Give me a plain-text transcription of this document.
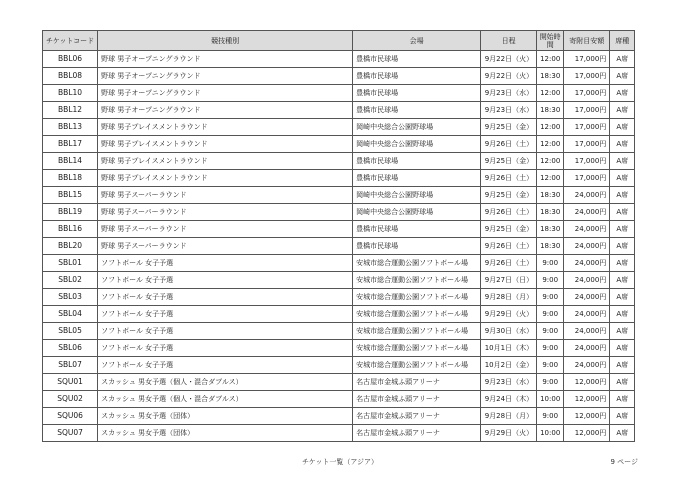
チケットコード	競技種別	会場	日程	開始時間	寄附目安額	席種
BBL06	野球 男子オープニングラウンド	豊橋市民球場	9月22日（火）	12:00	17,000円	A席
BBL08	野球 男子オープニングラウンド	豊橋市民球場	9月22日（火）	18:30	17,000円	A席
BBL10	野球 男子オープニングラウンド	豊橋市民球場	9月23日（水）	12:00	17,000円	A席
BBL12	野球 男子オープニングラウンド	豊橋市民球場	9月23日（水）	18:30	17,000円	A席
BBL13	野球 男子プレイスメントラウンド	岡崎中央総合公園野球場	9月25日（金）	12:00	17,000円	A席
BBL17	野球 男子プレイスメントラウンド	岡崎中央総合公園野球場	9月26日（土）	12:00	17,000円	A席
BBL14	野球 男子プレイスメントラウンド	豊橋市民球場	9月25日（金）	12:00	17,000円	A席
BBL18	野球 男子プレイスメントラウンド	豊橋市民球場	9月26日（土）	12:00	17,000円	A席
BBL15	野球 男子スーパーラウンド	岡崎中央総合公園野球場	9月25日（金）	18:30	24,000円	A席
BBL19	野球 男子スーパーラウンド	岡崎中央総合公園野球場	9月26日（土）	18:30	24,000円	A席
BBL16	野球 男子スーパーラウンド	豊橋市民球場	9月25日（金）	18:30	24,000円	A席
BBL20	野球 男子スーパーラウンド	豊橋市民球場	9月26日（土）	18:30	24,000円	A席
SBL01	ソフトボール 女子予選	安城市総合運動公園ソフトボール場	9月26日（土）	9:00	24,000円	A席
SBL02	ソフトボール 女子予選	安城市総合運動公園ソフトボール場	9月27日（日）	9:00	24,000円	A席
SBL03	ソフトボール 女子予選	安城市総合運動公園ソフトボール場	9月28日（月）	9:00	24,000円	A席
SBL04	ソフトボール 女子予選	安城市総合運動公園ソフトボール場	9月29日（火）	9:00	24,000円	A席
SBL05	ソフトボール 女子予選	安城市総合運動公園ソフトボール場	9月30日（水）	9:00	24,000円	A席
SBL06	ソフトボール 女子予選	安城市総合運動公園ソフトボール場	10月1日（木）	9:00	24,000円	A席
SBL07	ソフトボール 女子予選	安城市総合運動公園ソフトボール場	10月2日（金）	9:00	24,000円	A席
SQU01	スカッシュ 男女予選（個人・混合ダブルス）	名古屋市金城ふ頭アリーナ	9月23日（水）	9:00	12,000円	A席
SQU02	スカッシュ 男女予選（個人・混合ダブルス）	名古屋市金城ふ頭アリーナ	9月24日（木）	10:00	12,000円	A席
SQU06	スカッシュ 男女予選（団体）	名古屋市金城ふ頭アリーナ	9月28日（月）	9:00	12,000円	A席
SQU07	スカッシュ 男女予選（団体）	名古屋市金城ふ頭アリーナ	9月29日（火）	10:00	12,000円	A席
チケット一覧（アジア）	9 ページ
